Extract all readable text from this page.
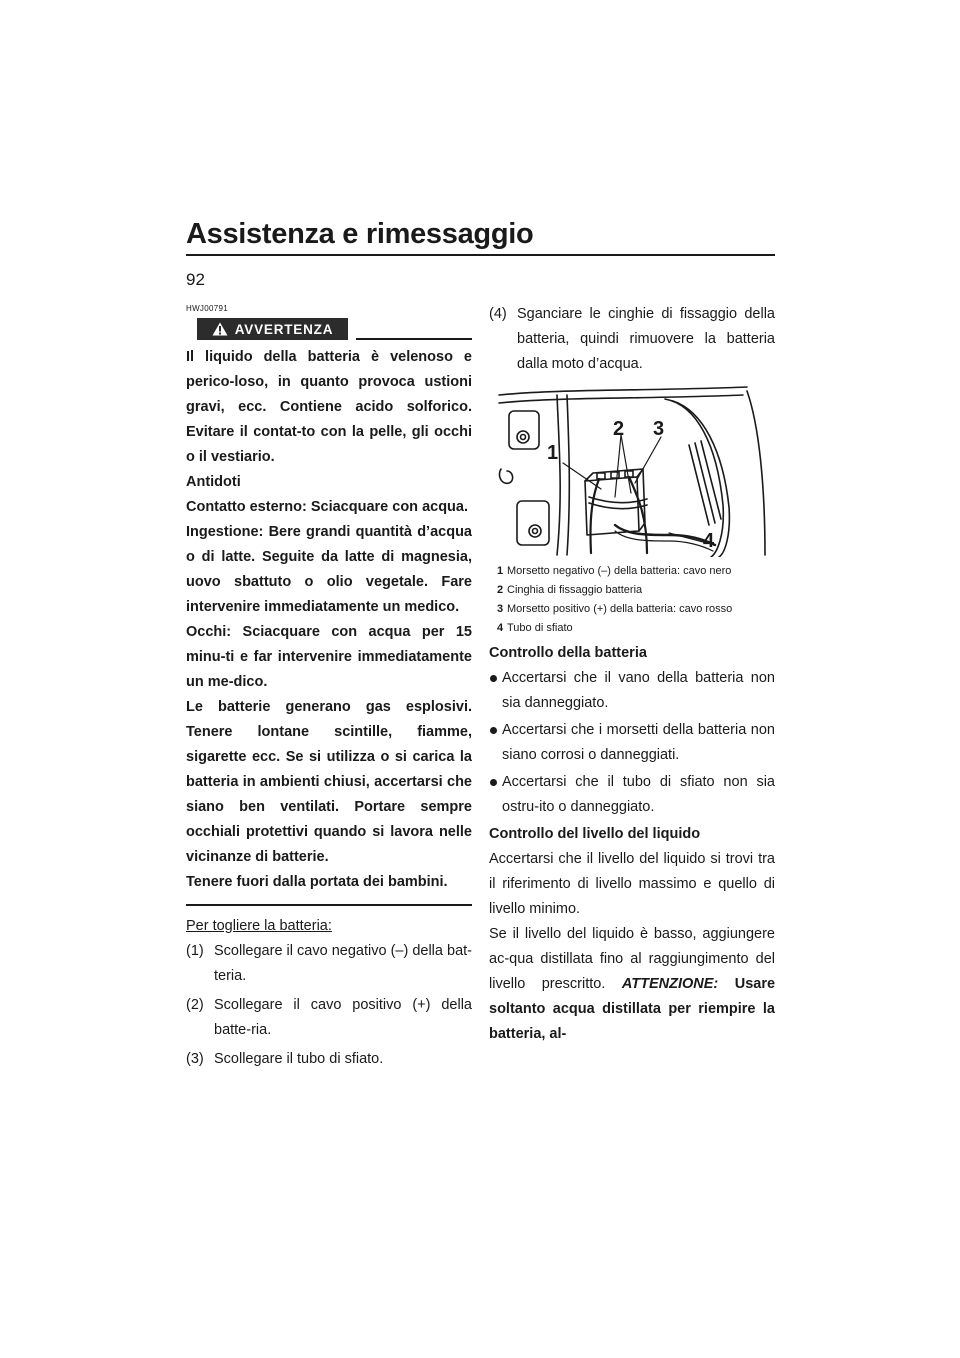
Assistenza e rimessaggio
92
HWJ00791
AVVERTENZA
Il liquido della batteria è velenoso e perico-loso, in quanto provoca ustioni gravi, ecc. Contiene acido solforico. Evitare il contat-to con la pelle, gli occhi o il vestiario.
Antidoti
Contatto esterno: Sciacquare con acqua.
Ingestione: Bere grandi quantità d’acqua o di latte. Seguite da latte di magnesia, uovo sbattuto o olio vegetale. Fare intervenire immediatamente un medico.
Occhi: Sciacquare con acqua per 15 minu-ti e far intervenire immediatamente un me-dico.
Le batterie generano gas esplosivi. Tenere lontane scintille, fiamme, sigarette ecc. Se si utilizza o si carica la batteria in ambienti chiusi, accertarsi che siano ben ventilati. Portare sempre occhiali protettivi quando si lavora nelle vicinanze di batterie.
Tenere fuori dalla portata dei bambini.
Per togliere la batteria:
(1) Scollegare il cavo negativo (–) della bat-teria.
(2) Scollegare il cavo positivo (+) della batte-ria.
(3) Scollegare il tubo di sfiato.
(4) Sganciare le cinghie di fissaggio della batteria, quindi rimuovere la batteria dalla moto d’acqua.
1
2 3
4
1 Morsetto negativo (–) della batteria: cavo nero
2 Cinghia di fissaggio batteria
3 Morsetto positivo (+) della batteria: cavo rosso
4 Tubo di sfiato
Controllo della batteria
Accertarsi che il vano della batteria non sia danneggiato.
Accertarsi che i morsetti della batteria non siano corrosi o danneggiati.
Accertarsi che il tubo di sfiato non sia ostru-ito o danneggiato.
Controllo del livello del liquido
Accertarsi che il livello del liquido si trovi tra il riferimento di livello massimo e quello di livello minimo.
Se il livello del liquido è basso, aggiungere ac-qua distillata fino al raggiungimento del livello prescritto. ATTENZIONE: Usare soltanto acqua distillata per riempire la batteria, al-
